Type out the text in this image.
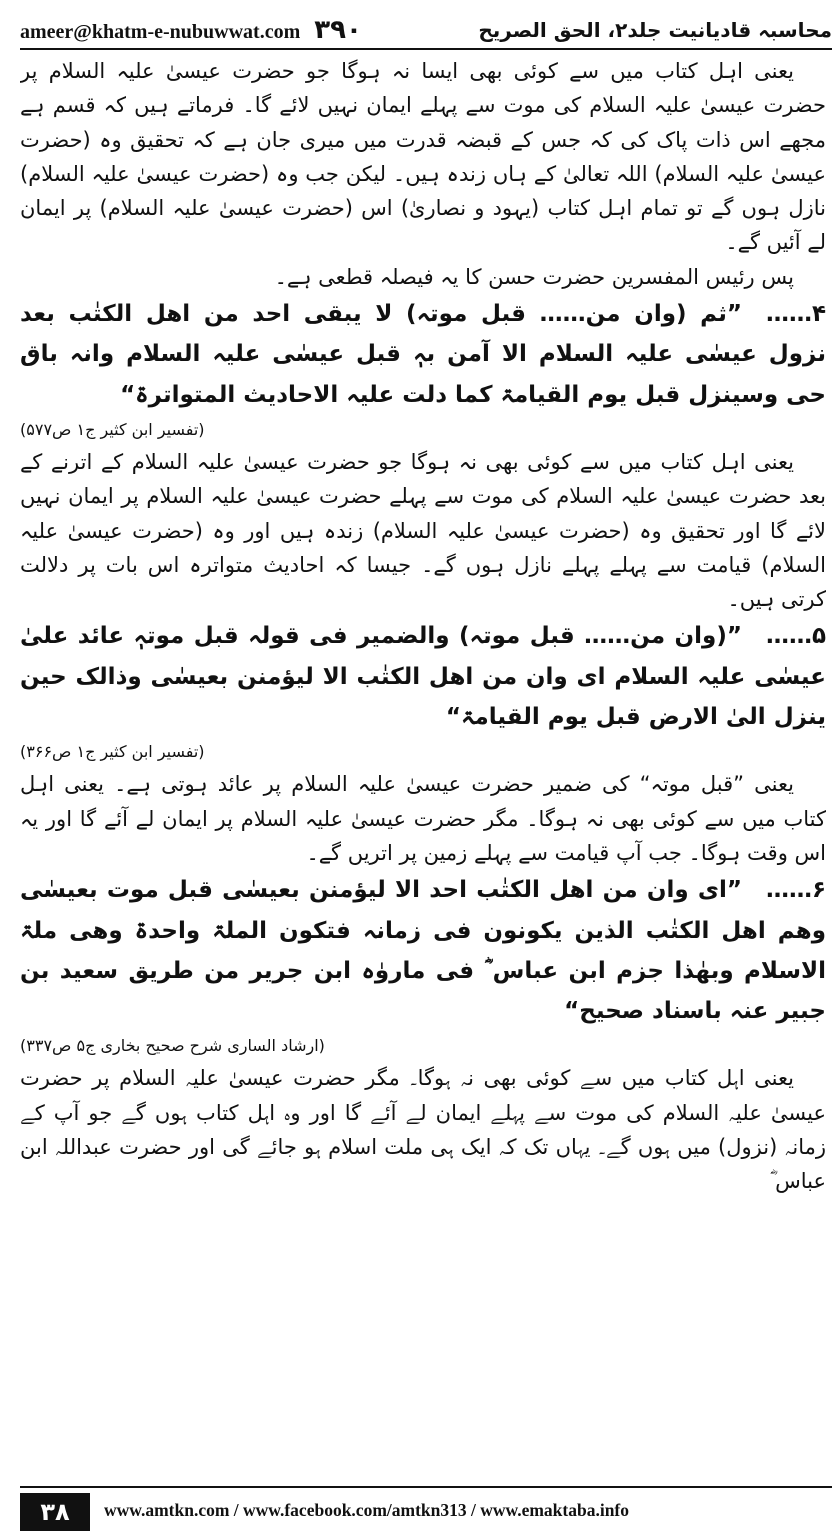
ameer@khatm-e-nubuwwat.com ۳۹۰	محاسبہ قادیانیت جلد۲، الحق الصریح

یعنی اہل کتاب میں سے کوئی بھی ایسا نہ ہوگا جو حضرت عیسیٰ علیہ السلام پر حضرت عیسیٰ علیہ السلام کی موت سے پہلے ایمان نہیں لائے گا۔ فرماتے ہیں کہ قسم ہے مجھے اس ذات پاک کی کہ جس کے قبضہ قدرت میں میری جان ہے کہ تحقیق وہ (حضرت عیسیٰ علیہ السلام) اللہ تعالیٰ کے ہاں زندہ ہیں۔ لیکن جب وہ (حضرت عیسیٰ علیہ السلام) نازل ہوں گے تو تمام اہل کتاب (یہود و نصاریٰ) اس (حضرت عیسیٰ علیہ السلام) پر ایمان لے آئیں گے۔

پس رئیس المفسرین حضرت حسن کا یہ فیصلہ قطعی ہے۔

۴……”ثم (وان من…… قبل موتہ) لا یبقی احد من اھل الکتٰب بعد نزول عیسٰی علیہ السلام الا آمن بہٖ قبل عیسٰی علیہ السلام وانہ باق حی وسینزل قبل یوم القیامۃ کما دلت علیہ الاحادیث المتواترۃ“

(تفسیر ابن کثیر ج۱ ص۵۷۷)

یعنی اہل کتاب میں سے کوئی بھی نہ ہوگا جو حضرت عیسیٰ علیہ السلام کے اترنے کے بعد حضرت عیسیٰ علیہ السلام کی موت سے پہلے حضرت عیسیٰ علیہ السلام پر ایمان نہیں لائے گا اور تحقیق وہ (حضرت عیسیٰ علیہ السلام) زندہ ہیں اور وہ (حضرت عیسیٰ علیہ السلام) قیامت سے پہلے پہلے نازل ہوں گے۔ جیسا کہ احادیث متواترہ اس بات پر دلالت کرتی ہیں۔

۵……”(وان من…… قبل موتہ) والضمیر فی قولہ قبل موتہٖ عائد علیٰ عیسٰی علیہ السلام ای وان من اھل الکتٰب الا لیؤمنن بعیسٰی وذالک حین ینزل الیٰ الارض قبل یوم القیامۃ“

(تفسیر ابن کثیر ج۱ ص۳۶۶)

یعنی ”قبل موتہ“ کی ضمیر حضرت عیسیٰ علیہ السلام پر عائد ہوتی ہے۔ یعنی اہل کتاب میں سے کوئی بھی نہ ہوگا۔ مگر حضرت عیسیٰ علیہ السلام پر ایمان لے آئے گا اور یہ اس وقت ہوگا۔ جب آپ قیامت سے پہلے زمین پر اتریں گے۔

۶……”ای وان من اھل الکتٰب احد الا لیؤمنن بعیسٰی قبل موت بعیسٰی وھم اھل الکتٰب الذین یکونون فی زمانہ فتکون الملۃ واحدۃ وھی ملۃ الاسلام وبھٰذا جزم ابن عباس ؓ فی ماروٰہ ابن جریر من طریق سعید بن جبیر عنہ باسناد صحیح“

(ارشاد الساری شرح صحیح بخاری ج۵ ص۳۳۷)

یعنی اہل کتاب میں سے کوئی بھی نہ ہوگا۔ مگر حضرت عیسیٰ علیہ السلام پر حضرت عیسیٰ علیہ السلام کی موت سے پہلے ایمان لے آئے گا اور وہ اہل کتاب ہوں گے جو آپ کے زمانہ (نزول) میں ہوں گے۔ یہاں تک کہ ایک ہی ملت اسلام ہو جائے گی اور حضرت عبداللہ ابن عباس ؓ

۳۸	www.amtkn.com / www.facebook.com/amtkn313 / www.emaktaba.info
